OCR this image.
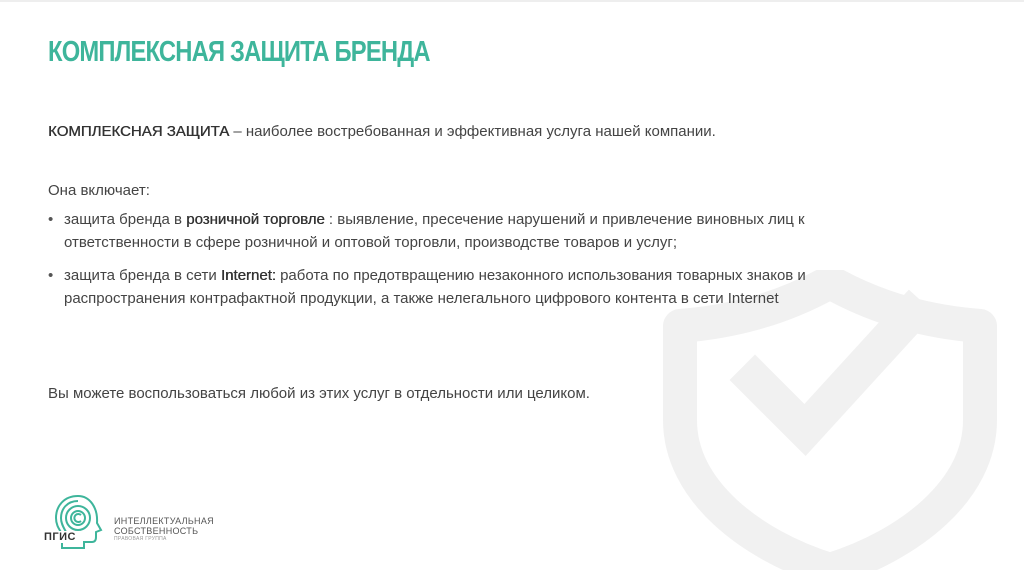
КОМПЛЕКСНАЯ ЗАЩИТА БРЕНДА

КОМПЛЕКСНАЯ ЗАЩИТА – наиболее востребованная и эффективная услуга нашей компании.

Она включает:

• защита бренда в розничной торговле : выявление, пресечение нарушений и привлечение виновных лиц к ответственности в сфере розничной и оптовой торговли, производстве товаров и услуг;
• защита бренда в сети Internet: работа по предотвращению незаконного использования товарных знаков и распространения контрафактной продукции, а также нелегального цифрового контента в сети Internet

Вы можете воспользоваться любой из этих услуг в отдельности или целиком.

ПГИС
ИНТЕЛЛЕКТУАЛЬНАЯ
СОБСТВЕННОСТЬ
ПРАВОВАЯ ГРУППА
